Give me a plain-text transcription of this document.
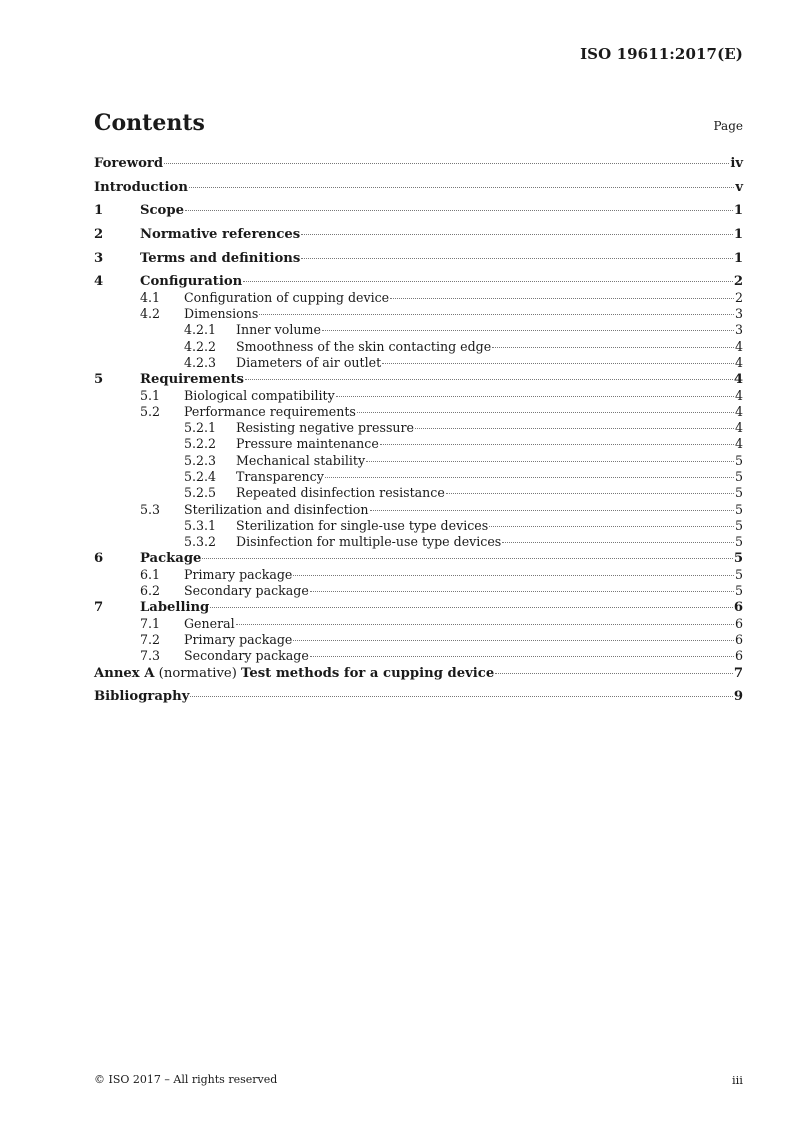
ISO 19611:2017(E)
Contents	Page
Foreword	iv
Introduction	v
1	Scope	1
2	Normative references	1
3	Terms and definitions	1
4	Configuration	2
4.1	Configuration of cupping device	2
4.2	Dimensions	3
4.2.1	Inner volume	3
4.2.2	Smoothness of the skin contacting edge	4
4.2.3	Diameters of air outlet	4
5	Requirements	4
5.1	Biological compatibility	4
5.2	Performance requirements	4
5.2.1	Resisting negative pressure	4
5.2.2	Pressure maintenance	4
5.2.3	Mechanical stability	5
5.2.4	Transparency	5
5.2.5	Repeated disinfection resistance	5
5.3	Sterilization and disinfection	5
5.3.1	Sterilization for single-use type devices	5
5.3.2	Disinfection for multiple-use type devices	5
6	Package	5
6.1	Primary package	5
6.2	Secondary package	5
7	Labelling	6
7.1	General	6
7.2	Primary package	6
7.3	Secondary package	6
Annex A (normative) Test methods for a cupping device	7
Bibliography	9
© ISO 2017 – All rights reserved	iii
